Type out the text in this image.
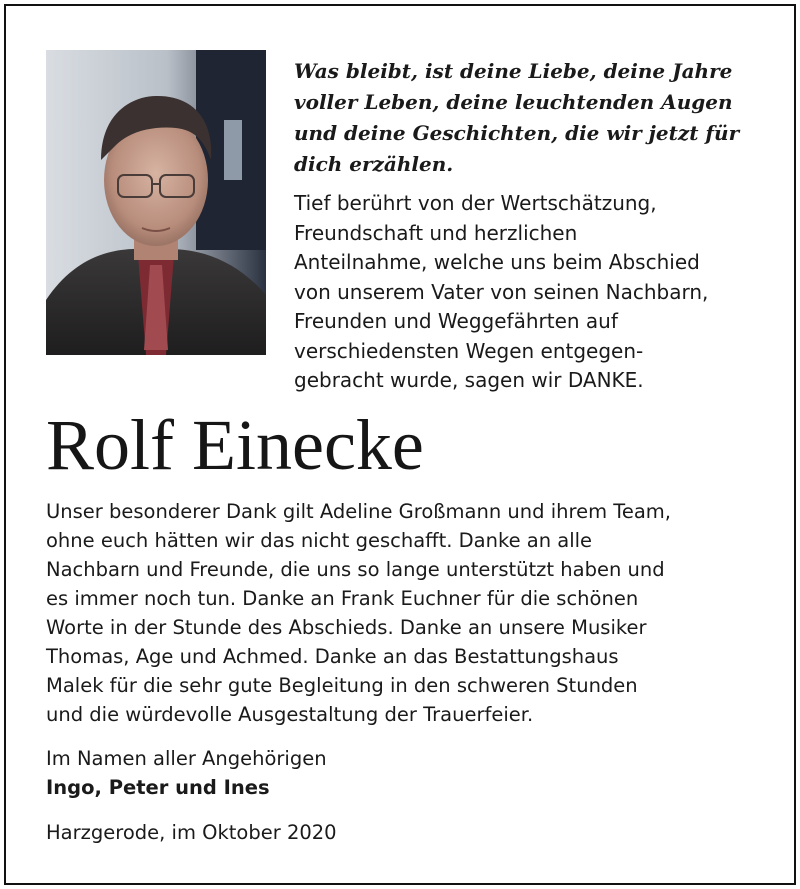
Was bleibt, ist deine Liebe, deine Jahre voller Leben, deine leuchtenden Augen und deine Geschichten, die wir jetzt für dich erzählen.

Tief berührt von der Wertschätzung,
Freundschaft und herzlichen
Anteilnahme, welche uns beim Abschied
von unserem Vater von seinen Nachbarn,
Freunden und Weggefährten auf
verschiedensten Wegen entgegen-
gebracht wurde, sagen wir DANKE.

Rolf Einecke

Unser besonderer Dank gilt Adeline Großmann und ihrem Team,
ohne euch hätten wir das nicht geschafft. Danke an alle
Nachbarn und Freunde, die uns so lange unterstützt haben und
es immer noch tun. Danke an Frank Euchner für die schönen
Worte in der Stunde des Abschieds. Danke an unsere Musiker
Thomas, Age und Achmed. Danke an das Bestattungshaus
Malek für die sehr gute Begleitung in den schweren Stunden
und die würdevolle Ausgestaltung der Trauerfeier.

Im Namen aller Angehörigen

Ingo, Peter und Ines

Harzgerode, im Oktober 2020
